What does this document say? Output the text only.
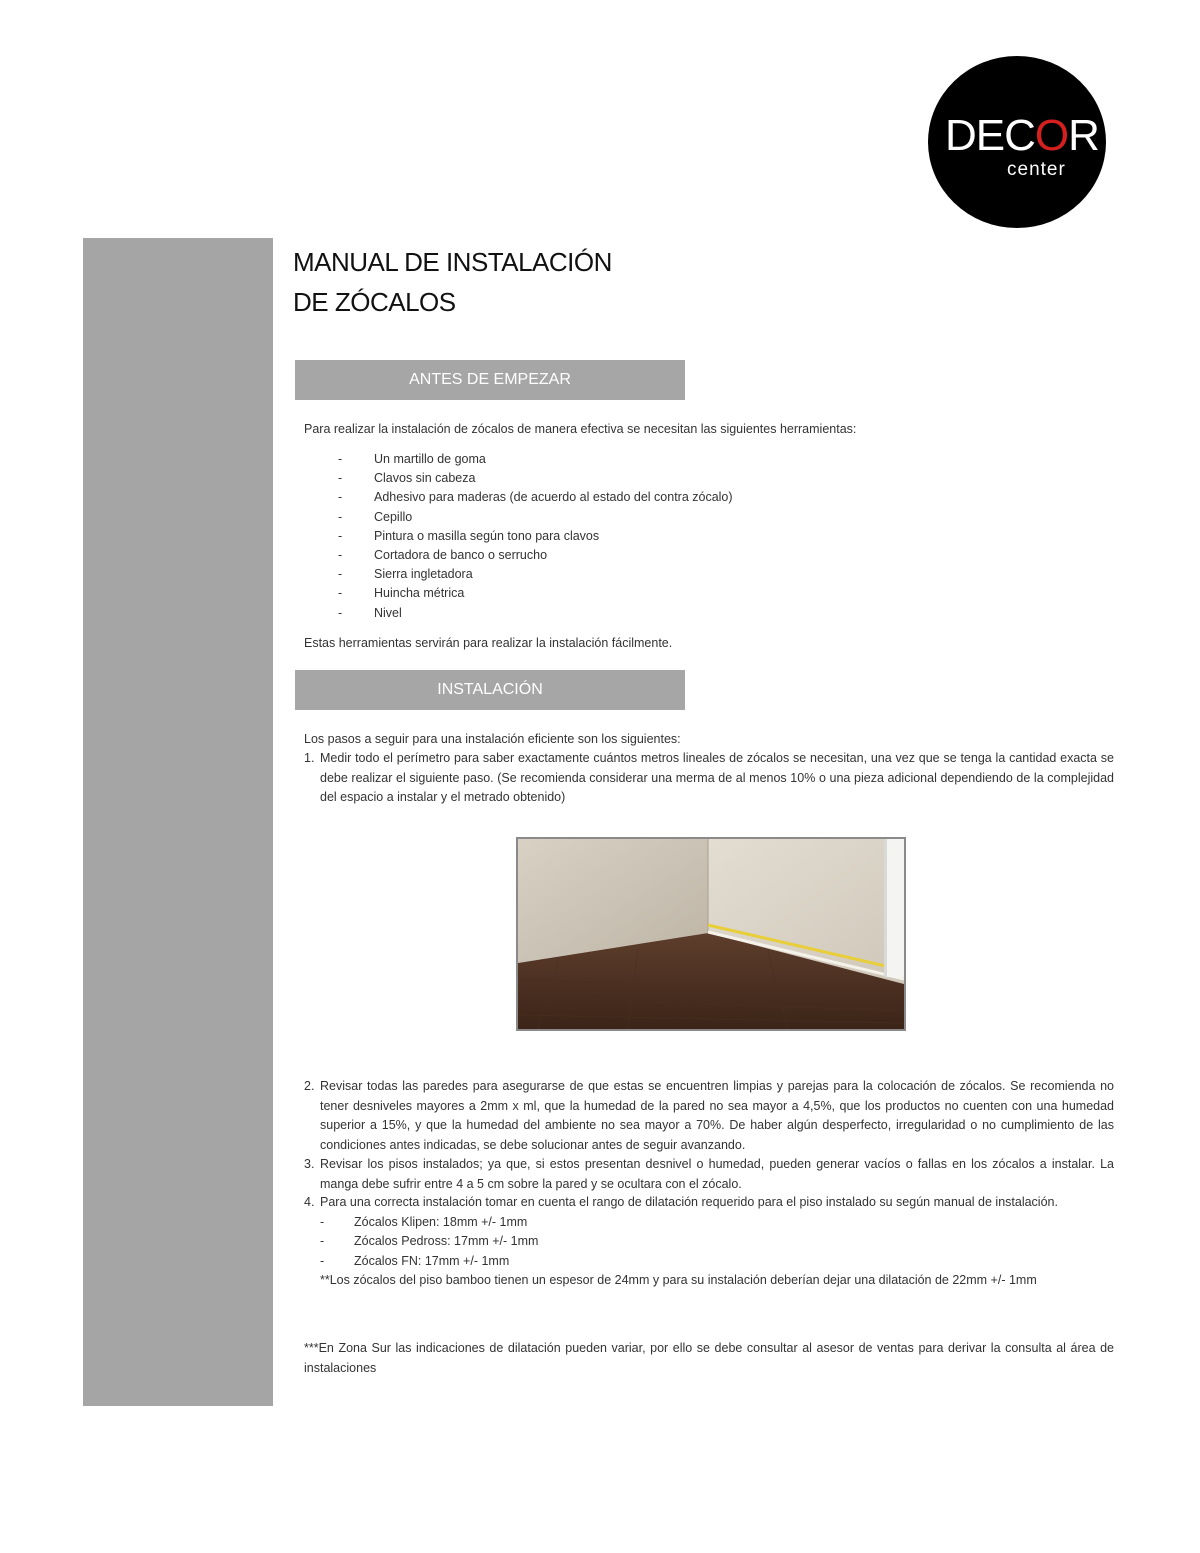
DECOR
center
MANUAL DE INSTALACIÓN
DE ZÓCALOS
ANTES DE EMPEZAR

Para realizar la instalación de zócalos de manera efectiva se necesitan las siguientes herramientas:

-	Un martillo de goma
-	Clavos sin cabeza
-	Adhesivo para maderas (de acuerdo al estado del contra zócalo)
-	Cepillo
-	Pintura o masilla según tono para clavos
-	Cortadora de banco o serrucho
-	Sierra ingletadora
-	Huincha métrica
-	Nivel

Estas herramientas servirán para realizar la instalación fácilmente.

INSTALACIÓN

Los pasos a seguir para una instalación eficiente son los siguientes:

1. Medir todo el perímetro para saber exactamente cuántos metros lineales de zócalos se necesitan, una vez que se tenga la cantidad exacta se debe realizar el siguiente paso. (Se recomienda considerar una merma de al menos 10% o una pieza adicional dependiendo de la complejidad del espacio a instalar y el metrado obtenido)
2. Revisar todas las paredes para asegurarse de que estas se encuentren limpias y parejas para la colocación de zócalos. Se recomienda no tener desniveles mayores a 2mm x ml, que la humedad de la pared no sea mayor a 4,5%, que los productos no cuenten con una humedad superior a 15%, y que la humedad del ambiente no sea mayor a 70%. De haber algún desperfecto, irregularidad o no cumplimiento de las condiciones antes indicadas, se debe solucionar antes de seguir avanzando.
3. Revisar los pisos instalados; ya que, si estos presentan desnivel o humedad, pueden generar vacíos o fallas en los zócalos a instalar. La manga debe sufrir entre 4 a 5 cm sobre la pared y se ocultara con el zócalo.
4. Para una correcta instalación tomar en cuenta el rango de dilatación requerido para el piso instalado su según manual de instalación.
- Zócalos Klipen: 18mm +/- 1mm
- Zócalos Pedross: 17mm +/- 1mm
- Zócalos FN: 17mm +/- 1mm
**Los zócalos del piso bamboo tienen un espesor de 24mm y para su instalación deberían dejar una dilatación de 22mm +/- 1mm
***En Zona Sur las indicaciones de dilatación pueden variar, por ello se debe consultar al asesor de ventas para derivar la consulta al área de instalaciones
